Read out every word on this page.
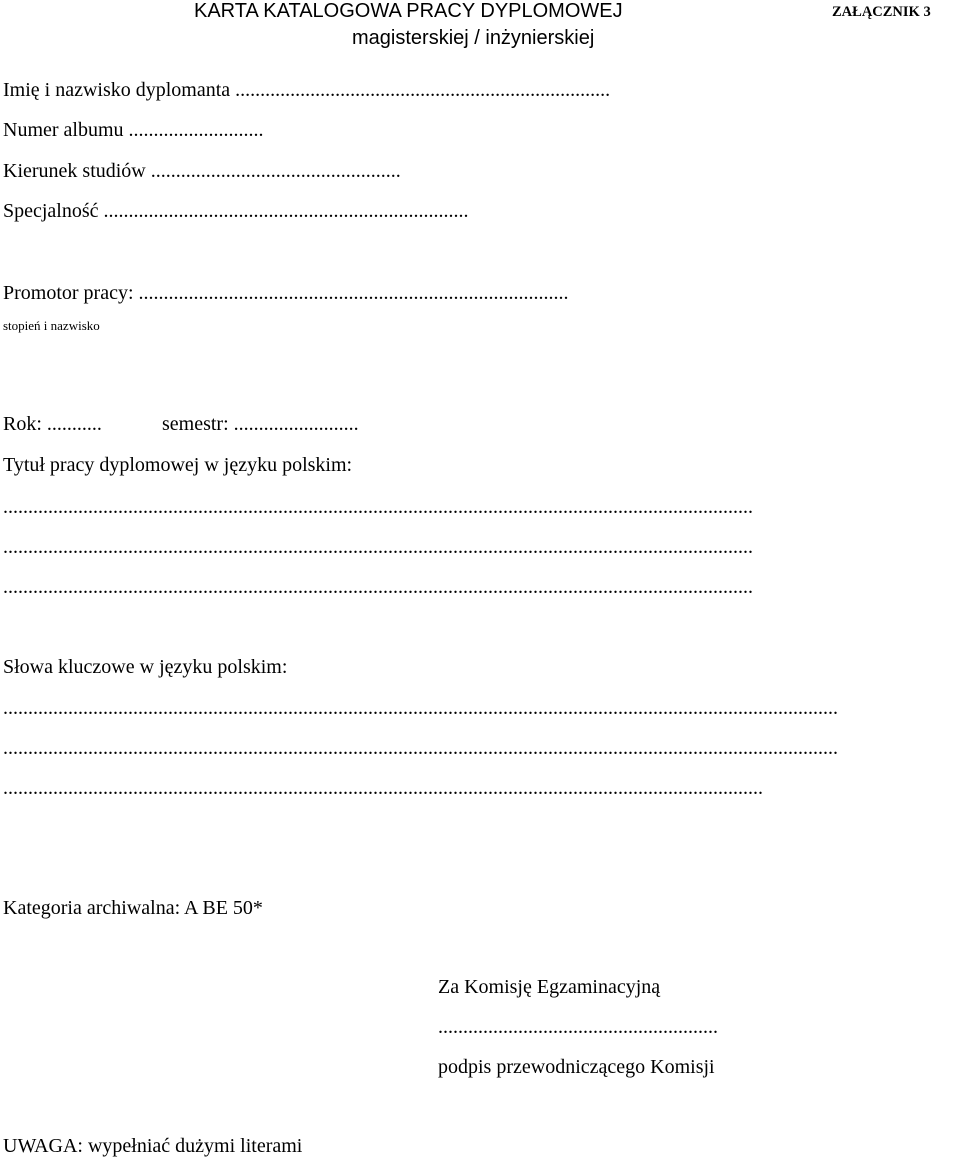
KARTA KATALOGOWA PRACY DYPLOMOWEJ
magisterskiej / inżynierskiej
ZAŁĄCZNIK 3
Imię i nazwisko dyplomanta ...........................................................................
Numer albumu ...........................
Kierunek studiów ..................................................
Specjalność .........................................................................
Promotor pracy: ......................................................................................
stopień i nazwisko
Rok: ...........	semestr: .........................
Tytuł pracy dyplomowej w języku polskim:
......................................................................................................................................................
......................................................................................................................................................
......................................................................................................................................................
Słowa kluczowe w języku polskim:
.......................................................................................................................................................................
.......................................................................................................................................................................
........................................................................................................................................................
Kategoria archiwalna: A BE 50*
Za Komisję Egzaminacyjną
........................................................
podpis przewodniczącego Komisji
UWAGA: wypełniać dużymi literami
